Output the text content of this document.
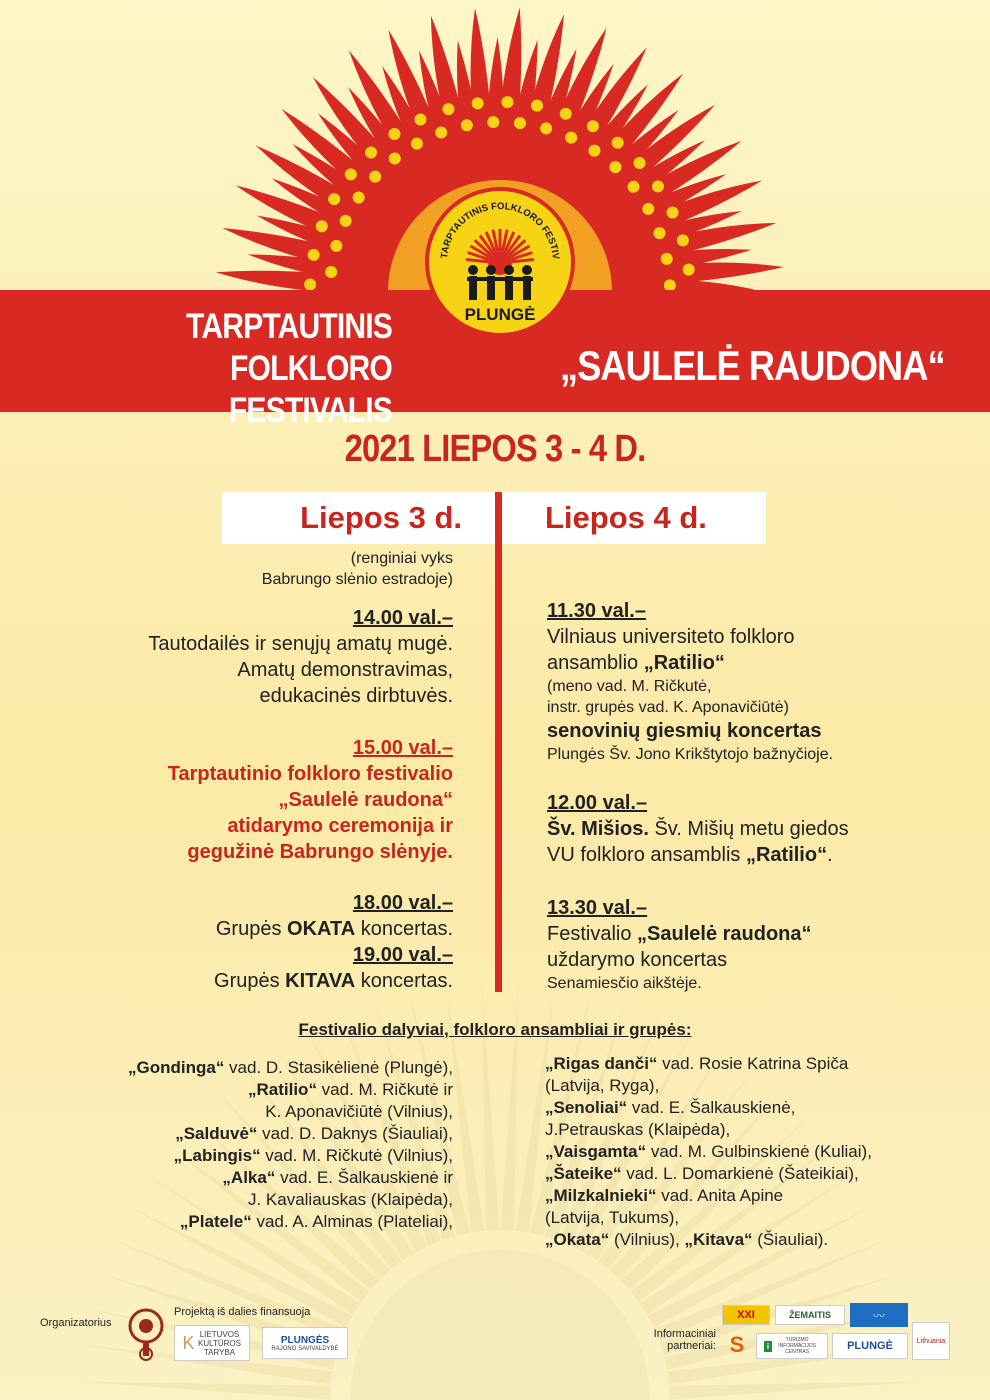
TARPTAUTINIS
FOLKLORO FESTIVALIS
„SAULELĖ RAUDONA“
TARPTAUTINIS FOLKLORO FESTIV
PLUNGĖ
2021 LIEPOS 3 - 4 D.
Liepos 3 d.	Liepos 4 d.
(renginiai vyks
Babrungo slėnio estradoje)
14.00 val.–
Tautodailės ir senųjų amatų mugė.
Amatų demonstravimas,
edukacinės dirbtuvės.
15.00 val.–
Tarptautinio folkloro festivalio
„Saulelė raudona“
atidarymo ceremonija ir
gegužinė Babrungo slėnyje.
18.00 val.–
Grupės OKATA koncertas.
19.00 val.–
Grupės KITAVA koncertas.
11.30 val.–
Vilniaus universiteto folkloro
ansamblio „Ratilio“
(meno vad. M. Ričkutė,
instr. grupės vad. K. Aponavičiūtė)
senovinių giesmių koncertas
Plungės Šv. Jono Krikštytojo bažnyčioje.
12.00 val.–
Šv. Mišios. Šv. Mišių metu giedos
VU folkloro ansamblis „Ratilio“.
13.30 val.–
Festivalio „Saulelė raudona“
uždarymo koncertas
Senamiesčio aikštėje.
Festivalio dalyviai, folkloro ansambliai ir grupės:
„Gondinga“ vad. D. Stasikėlienė (Plungė),
„Ratilio“ vad. M. Ričkutė ir
K. Aponavičiūtė (Vilnius),
„Salduvė“ vad. D. Daknys (Šiauliai),
„Labingis“ vad. M. Ričkutė (Vilnius),
„Alka“ vad. E. Šalkauskienė ir
J. Kavaliauskas (Klaipėda),
„Platele“ vad. A. Alminas (Plateliai),
„Rigas danči“ vad. Rosie Katrina Spiča
(Latvija, Ryga),
„Senoliai“ vad. E. Šalkauskienė,
J.Petrauskas (Klaipėda),
„Vaisgamta“ vad. M. Gulbinskienė (Kuliai),
„Šateike“ vad. L. Domarkienė (Šateikiai),
„Milzkalnieki“ vad. Anita Apine
(Latvija, Tukums),
„Okata“ (Vilnius), „Kitava“ (Šiauliai).
Organizatorius
Projektą iš dalies finansuoja
K LIETUVOS KULTŪROS TARYBA
PLUNGĖS
RAJONO SAVIVALDYBĖ
Informaciniai
partneriai:
XXI	ŽEMAITIS	〰
S	i
TURIZMO INFORMACIJOS CENTRAS	PLUNGĖ	Lithuania
